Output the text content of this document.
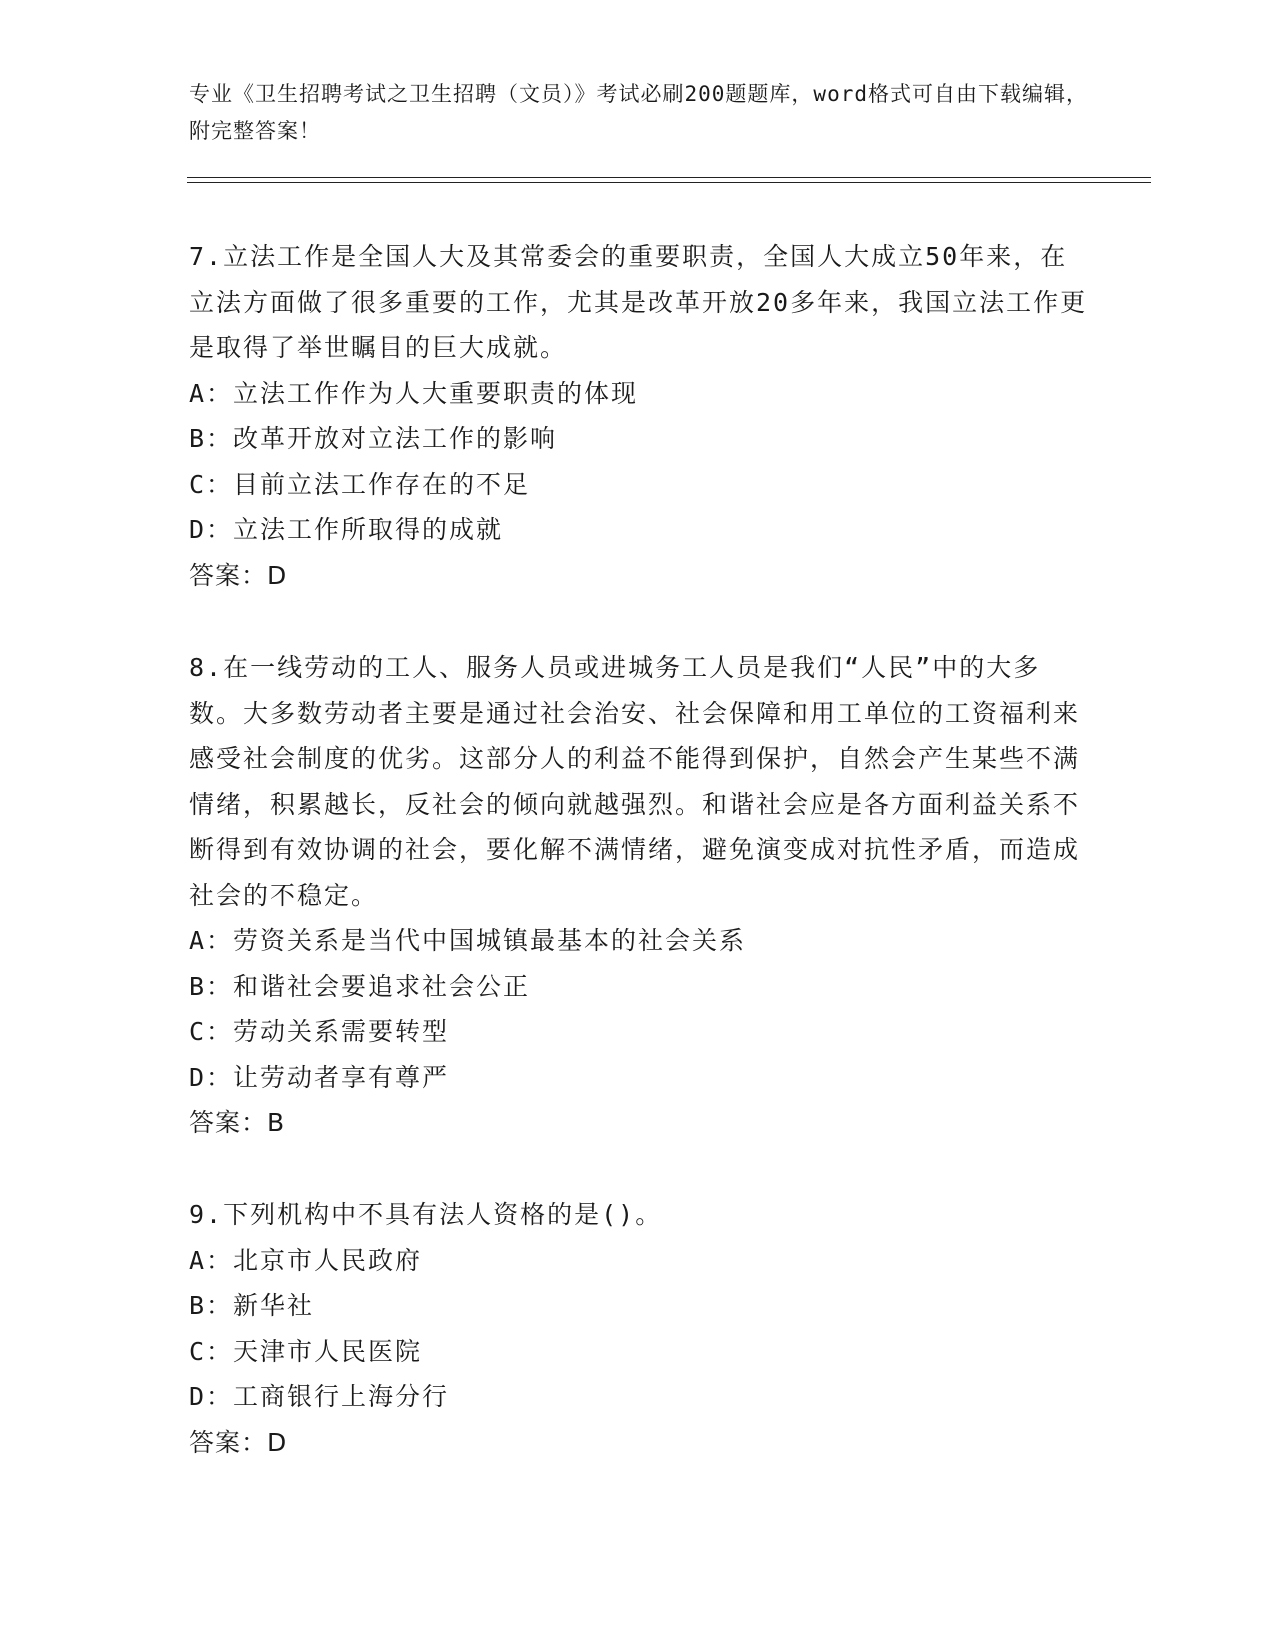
专业《卫生招聘考试之卫生招聘（文员）》考试必刷200题题库，word格式可自由下载编辑，附完整答案！
7.立法工作是全国人大及其常委会的重要职责，全国人大成立50年来，在立法方面做了很多重要的工作，尤其是改革开放20多年来，我国立法工作更是取得了举世瞩目的巨大成就。
A：立法工作作为人大重要职责的体现
B：改革开放对立法工作的影响
C：目前立法工作存在的不足
D：立法工作所取得的成就
答案：D
8.在一线劳动的工人、服务人员或进城务工人员是我们“人民”中的大多数。大多数劳动者主要是通过社会治安、社会保障和用工单位的工资福利来感受社会制度的优劣。这部分人的利益不能得到保护，自然会产生某些不满情绪，积累越长，反社会的倾向就越强烈。和谐社会应是各方面利益关系不断得到有效协调的社会，要化解不满情绪，避免演变成对抗性矛盾，而造成社会的不稳定。
A：劳资关系是当代中国城镇最基本的社会关系
B：和谐社会要追求社会公正
C：劳动关系需要转型
D：让劳动者享有尊严
答案：B
9.下列机构中不具有法人资格的是()。
A：北京市人民政府
B：新华社
C：天津市人民医院
D：工商银行上海分行
答案：D
